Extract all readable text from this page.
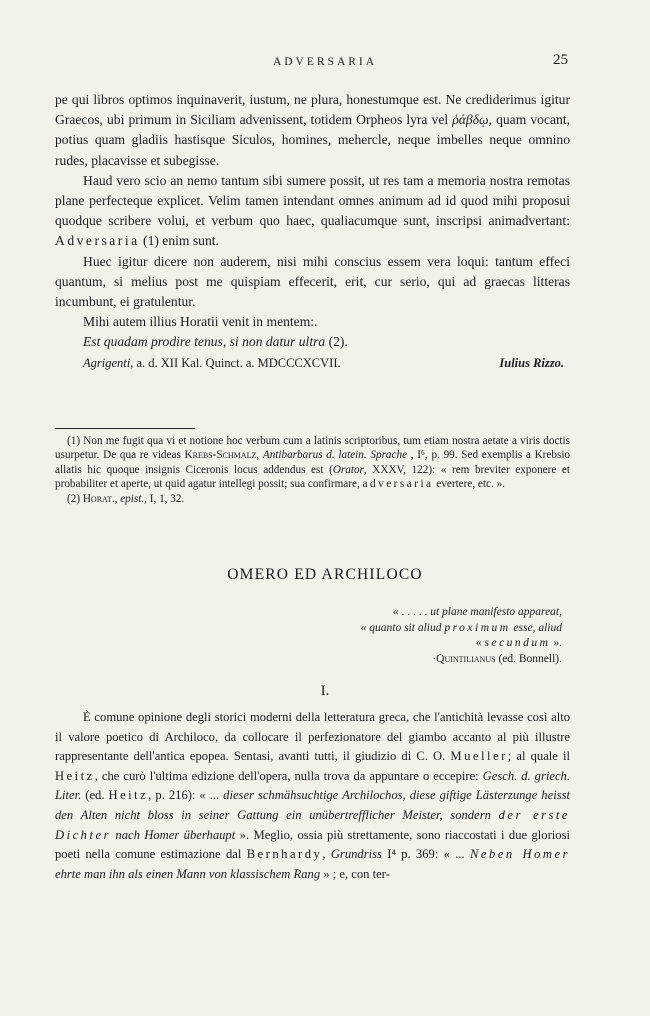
ADVERSARIA	25

pe qui libros optimos inquinaverit, iustum, ne plura, honestumque est. Ne crediderimus igitur Graecos, ubi primum in Siciliam advenissent, totidem Orpheos lyra vel ῥάβδῳ, quam vocant, potius quam gladiis hastisque Siculos, homines, mehercle, neque imbelles neque omnino rudes, placavisse et subegisse.

Haud vero scio an nemo tantum sibi sumere possit, ut res tam a memoria nostra remotas plane perfecteque explicet. Velim tamen intendant omnes animum ad id quod mihi proposui quodque scribere volui, et verbum quo haec, qualiacumque sunt, inscripsi animadvertant: Adversaria (1) enim sunt.

Huec igitur dicere non auderem, nisi mihi conscius essem vera loqui: tantum effeci quantum, si melius post me quispiam effecerit, erit, cur serio, qui ad graecas litteras incumbunt, ei gratulentur.

Mihi autem illius Horatii venit in mentem:.

Est quadam prodire tenus, si non datur ultra (2).

Agrigenti, a. d. XII Kal. Quinct. a. MDCCCXCVII.	Iulius Rizzo.

(1) Non me fugit qua vi et notione hoc verbum cum a latinis scriptoribus, tum etiam nostra aetate a viris doctis usurpetur. De qua re videas Krebs-Schmalz, Antibarbarus d. latein. Sprache , I⁶, p. 99. Sed exemplis a Krebsio allatis hic quoque insignis Ciceronis locus addendus est (Orator, XXXV, 122): « rem breviter exponere et probabiliter et aperte, ut quid agatur intellegi possit; sua confirmare, adversaria evertere, etc. ».

(2) Horat., epist., I, 1, 32.

OMERO ED ARCHILOCO

« . . . . . ut plane manifesto appareat,

« quanto sit aliud proximum esse, aliud

« secundum ».

·Quintilianus (ed. Bonnell).

I.

È comune opinione degli storici moderni della letteratura greca, che l'antichità levasse così alto il valore poetico di Archiloco, da collocare il perfezionatore del giambo accanto al più illustre rappresentante dell'antica epopea. Sentasi, avanti tutti, il giudizio di C. O. Mueller; al quale il Heitz, che curò l'ultima edizione dell'opera, nulla trova da appuntare o eccepire: Gesch. d. griech. Liter. (ed. Heitz, p. 216): « ... dieser schmähsuchtige Archilochos, diese giftige Lästerzunge heisst den Alten nicht bloss in seiner Gattung ein unübertrefflicher Meister, sondern der erste Dichter nach Homer überhaupt ». Meglio, ossia più strettamente, sono riaccostati i due gloriosi poeti nella comune estimazione dal Bernhardy, Grundriss I⁴ p. 369: « ... Neben Homer ehrte man ihn als einen Mann von klassischem Rang » ; e, con ter-
